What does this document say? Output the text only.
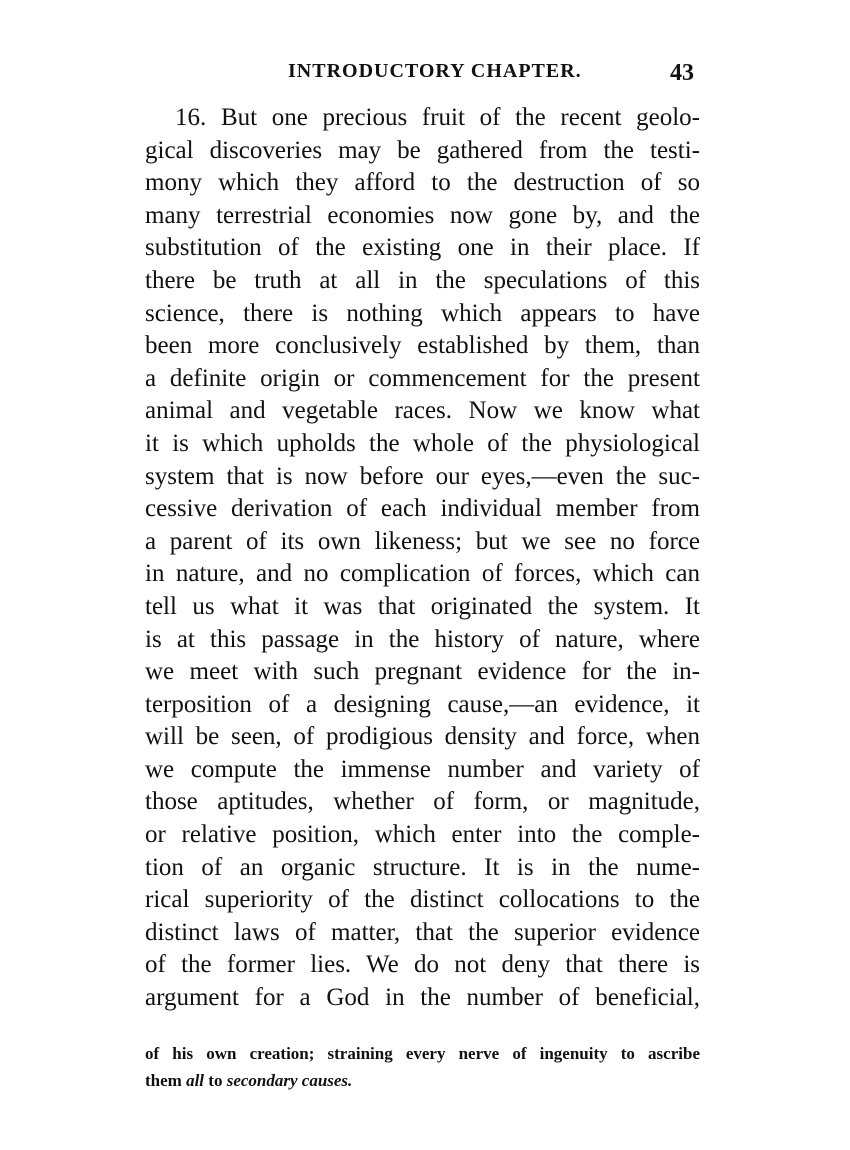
INTRODUCTORY CHAPTER.	43
16. But one precious fruit of the recent geolo-
gical discoveries may be gathered from the testi-
mony which they afford to the destruction of so
many terrestrial economies now gone by, and the
substitution of the existing one in their place. If
there be truth at all in the speculations of this
science, there is nothing which appears to have
been more conclusively established by them, than
a definite origin or commencement for the present
animal and vegetable races. Now we know what
it is which upholds the whole of the physiological
system that is now before our eyes,—even the suc-
cessive derivation of each individual member from
a parent of its own likeness; but we see no force
in nature, and no complication of forces, which can
tell us what it was that originated the system. It
is at this passage in the history of nature, where
we meet with such pregnant evidence for the in-
terposition of a designing cause,—an evidence, it
will be seen, of prodigious density and force, when
we compute the immense number and variety of
those aptitudes, whether of form, or magnitude,
or relative position, which enter into the comple-
tion of an organic structure. It is in the nume-
rical superiority of the distinct collocations to the
distinct laws of matter, that the superior evidence
of the former lies. We do not deny that there is
argument for a God in the number of beneficial,
of his own creation; straining every nerve of ingenuity to ascribe
them all to secondary causes.
